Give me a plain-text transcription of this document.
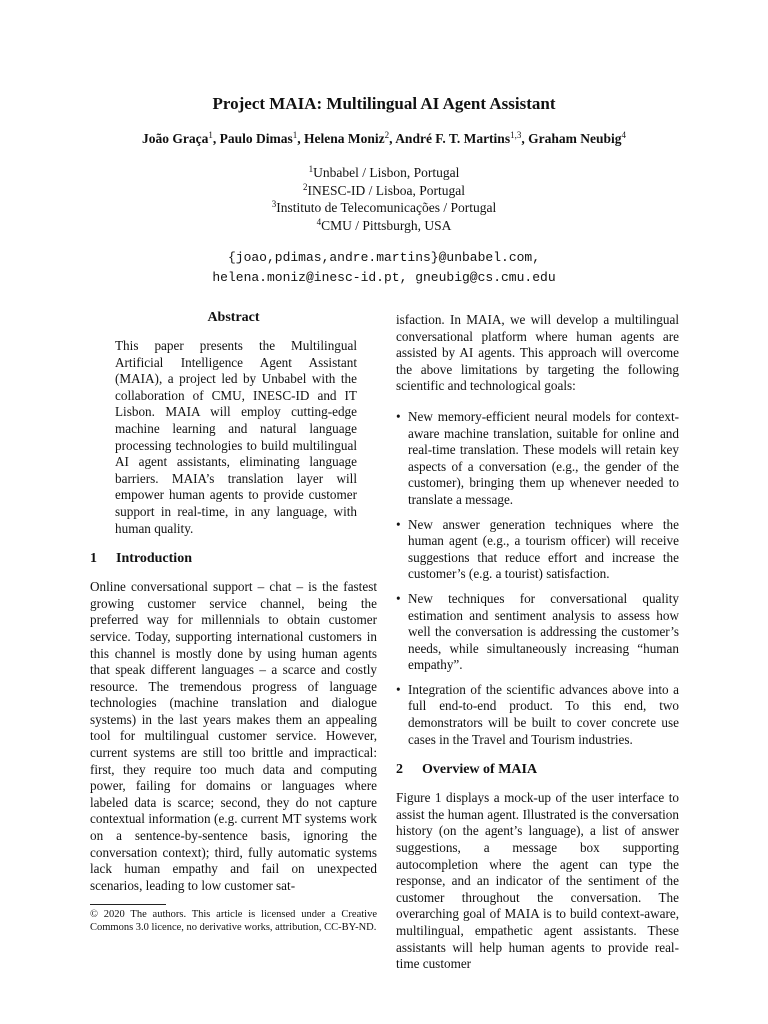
Project MAIA: Multilingual AI Agent Assistant
João Graça$^1$, Paulo Dimas$^1$, Helena Moniz$^2$, André F. T. Martins$^{1,3}$, Graham Neubig$^4$
$^1$Unbabel / Lisbon, Portugal
$^2$INESC-ID / Lisboa, Portugal
$^3$Instituto de Telecomunicações / Portugal
$^4$CMU / Pittsburgh, USA
{joao,pdimas,andre.martins}@unbabel.com,
helena.moniz@inesc-id.pt, gneubig@cs.cmu.edu
Abstract

This paper presents the Multilingual Artificial Intelligence Agent Assistant (MAIA), a project led by Unbabel with the collaboration of CMU, INESC-ID and IT Lisbon. MAIA will employ cutting-edge machine learning and natural language processing technologies to build multilingual AI agent assistants, eliminating language barriers. MAIA’s translation layer will empower human agents to provide customer support in real-time, in any language, with human quality.

1 Introduction

Online conversational support – chat – is the fastest growing customer service channel, being the preferred way for millennials to obtain customer service. Today, supporting international customers in this channel is mostly done by using human agents that speak different languages – a scarce and costly resource. The tremendous progress of language technologies (machine translation and dialogue systems) in the last years makes them an appealing tool for multilingual customer service. However, current systems are still too brittle and impractical: first, they require too much data and computing power, failing for domains or languages where labeled data is scarce; second, they do not capture contextual information (e.g. current MT systems work on a sentence-by-sentence basis, ignoring the conversation context); third, fully automatic systems lack human empathy and fail on unexpected scenarios, leading to low customer sat-

© 2020 The authors. This article is licensed under a Creative Commons 3.0 licence, no derivative works, attribution, CC-BY-ND.

isfaction. In MAIA, we will develop a multilingual conversational platform where human agents are assisted by AI agents. This approach will overcome the above limitations by targeting the following scientific and technological goals:

• New memory-efficient neural models for context-aware machine translation, suitable for online and real-time translation. These models will retain key aspects of a conversation (e.g., the gender of the customer), bringing them up whenever needed to translate a message.
• New answer generation techniques where the human agent (e.g., a tourism officer) will receive suggestions that reduce effort and increase the customer’s (e.g. a tourist) satisfaction.
• New techniques for conversational quality estimation and sentiment analysis to assess how well the conversation is addressing the customer’s needs, while simultaneously increasing “human empathy”.
• Integration of the scientific advances above into a full end-to-end product. To this end, two demonstrators will be built to cover concrete use cases in the Travel and Tourism industries.
2 Overview of MAIA

Figure 1 displays a mock-up of the user interface to assist the human agent. Illustrated is the conversation history (on the agent’s language), a list of answer suggestions, a message box supporting autocompletion where the agent can type the response, and an indicator of the sentiment of the customer throughout the conversation. The overarching goal of MAIA is to build context-aware, multilingual, empathetic agent assistants. These assistants will help human agents to provide real-time customer
